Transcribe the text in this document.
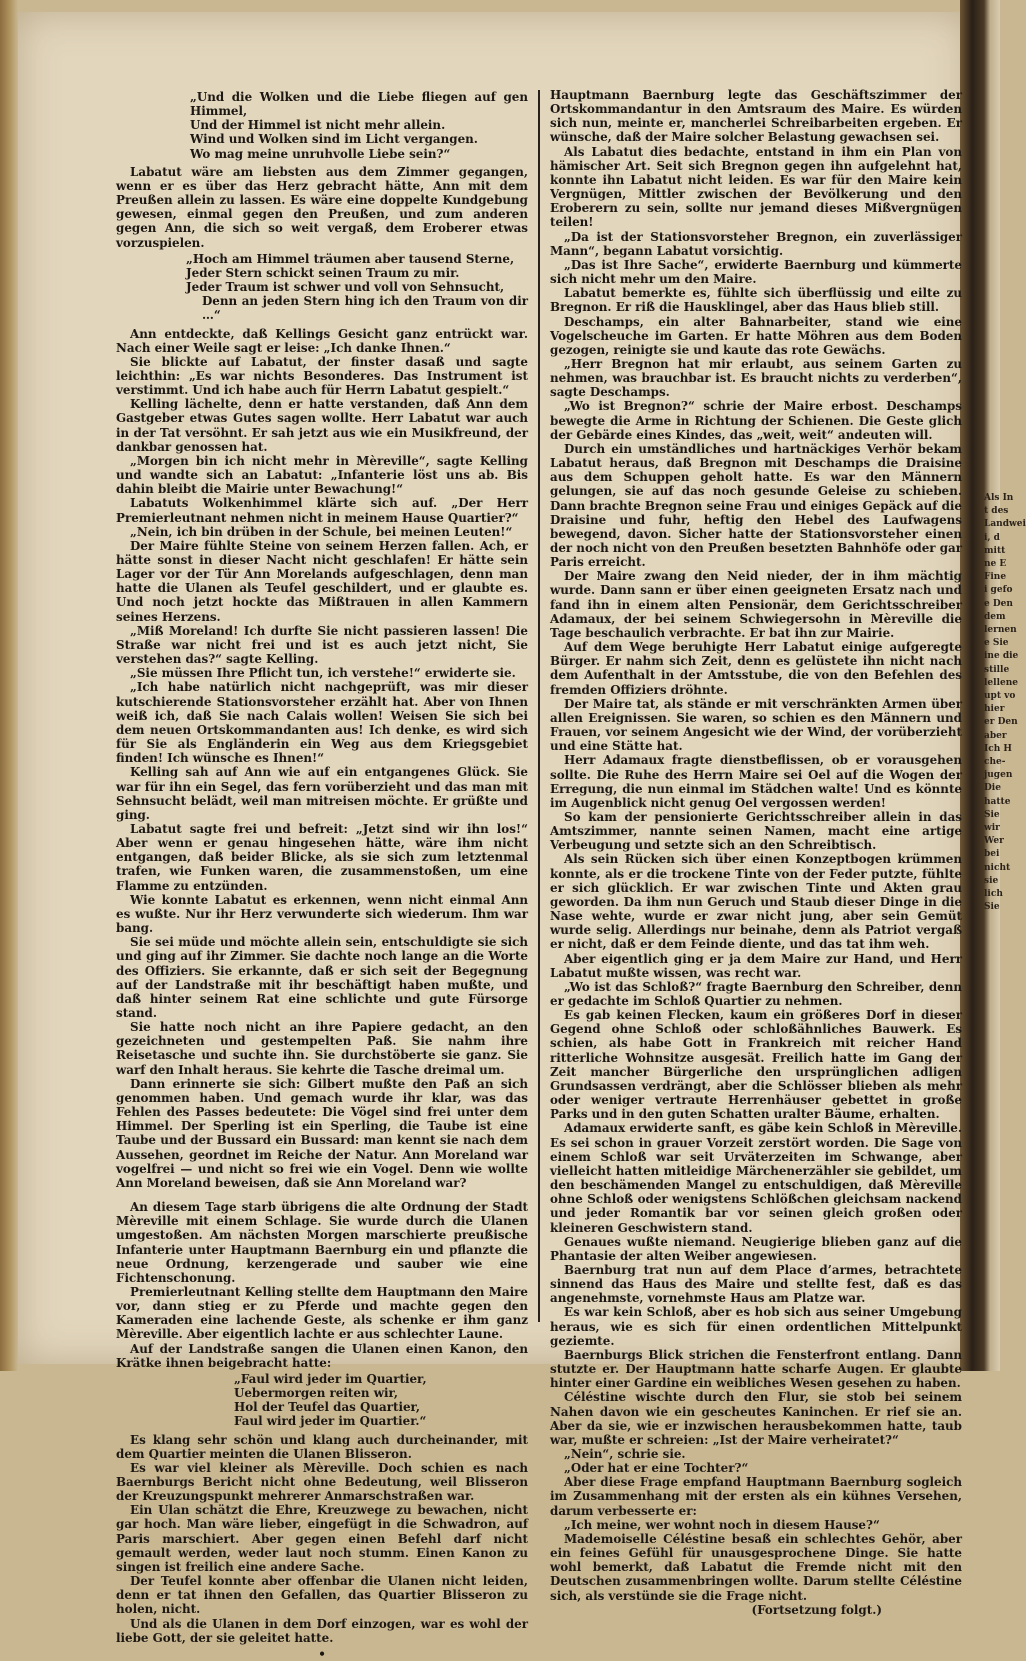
„Und die Wolken und die Liebe fliegen auf gen Himmel,
Und der Himmel ist nicht mehr allein.
Wind und Wolken sind im Licht vergangen.
Wo mag meine unruhvolle Liebe sein?“

Labatut wäre am liebsten aus dem Zimmer gegangen, wenn er es über das Herz gebracht hätte, Ann mit dem Preußen allein zu lassen. Es wäre eine doppelte Kundgebung gewesen, einmal gegen den Preußen, und zum anderen gegen Ann, die sich so weit vergaß, dem Eroberer etwas vorzuspielen.

„Hoch am Himmel träumen aber tausend Sterne,
Jeder Stern schickt seinen Traum zu mir.
Jeder Traum ist schwer und voll von Sehnsucht,
Denn an jeden Stern hing ich den Traum von dir …“

Ann entdeckte, daß Kellings Gesicht ganz entrückt war. Nach einer Weile sagt er leise: „Ich danke Ihnen.“

Sie blickte auf Labatut, der finster dasaß und sagte leichthin: „Es war nichts Besonderes. Das Instrument ist verstimmt. Und ich habe auch für Herrn Labatut gespielt.“

Kelling lächelte, denn er hatte verstanden, daß Ann dem Gastgeber etwas Gutes sagen wollte. Herr Labatut war auch in der Tat versöhnt. Er sah jetzt aus wie ein Musikfreund, der dankbar genossen hat.

„Morgen bin ich nicht mehr in Mèreville“, sagte Kelling und wandte sich an Labatut: „Infanterie löst uns ab. Bis dahin bleibt die Mairie unter Bewachung!“

Labatuts Wolkenhimmel klärte sich auf. „Der Herr Premierleutnant nehmen nicht in meinem Hause Quartier?“

„Nein, ich bin drüben in der Schule, bei meinen Leuten!“

Der Maire fühlte Steine von seinem Herzen fallen. Ach, er hätte sonst in dieser Nacht nicht geschlafen! Er hätte sein Lager vor der Tür Ann Morelands aufgeschlagen, denn man hatte die Ulanen als Teufel geschildert, und er glaubte es. Und noch jetzt hockte das Mißtrauen in allen Kammern seines Herzens.

„Miß Moreland! Ich durfte Sie nicht passieren lassen! Die Straße war nicht frei und ist es auch jetzt nicht, Sie verstehen das?“ sagte Kelling.

„Sie müssen Ihre Pflicht tun, ich verstehe!“ erwiderte sie.

„Ich habe natürlich nicht nachgeprüft, was mir dieser kutschierende Stationsvorsteher erzählt hat. Aber von Ihnen weiß ich, daß Sie nach Calais wollen! Weisen Sie sich bei dem neuen Ortskommandanten aus! Ich denke, es wird sich für Sie als Engländerin ein Weg aus dem Kriegsgebiet finden! Ich wünsche es Ihnen!“

Kelling sah auf Ann wie auf ein entgangenes Glück. Sie war für ihn ein Segel, das fern vorüberzieht und das man mit Sehnsucht belädt, weil man mitreisen möchte. Er grüßte und ging.

Labatut sagte frei und befreit: „Jetzt sind wir ihn los!“ Aber wenn er genau hingesehen hätte, wäre ihm nicht entgangen, daß beider Blicke, als sie sich zum letztenmal trafen, wie Funken waren, die zusammenstoßen, um eine Flamme zu entzünden.

Wie konnte Labatut es erkennen, wenn nicht einmal Ann es wußte. Nur ihr Herz verwunderte sich wiederum. Ihm war bang.

Sie sei müde und möchte allein sein, entschuldigte sie sich und ging auf ihr Zimmer. Sie dachte noch lange an die Worte des Offiziers. Sie erkannte, daß er sich seit der Begegnung auf der Landstraße mit ihr beschäftigt haben mußte, und daß hinter seinem Rat eine schlichte und gute Fürsorge stand.

Sie hatte noch nicht an ihre Papiere gedacht, an den gezeichneten und gestempelten Paß. Sie nahm ihre Reisetasche und suchte ihn. Sie durchstöberte sie ganz. Sie warf den Inhalt heraus. Sie kehrte die Tasche dreimal um.

Dann erinnerte sie sich: Gilbert mußte den Paß an sich genommen haben. Und gemach wurde ihr klar, was das Fehlen des Passes bedeutete: Die Vögel sind frei unter dem Himmel. Der Sperling ist ein Sperling, die Taube ist eine Taube und der Bussard ein Bussard: man kennt sie nach dem Aussehen, geordnet im Reiche der Natur. Ann Moreland war vogelfrei — und nicht so frei wie ein Vogel. Denn wie wollte Ann Moreland beweisen, daß sie Ann Moreland war?

An diesem Tage starb übrigens die alte Ordnung der Stadt Mèreville mit einem Schlage. Sie wurde durch die Ulanen umgestoßen. Am nächsten Morgen marschierte preußische Infanterie unter Hauptmann Baernburg ein und pflanzte die neue Ordnung, kerzengerade und sauber wie eine Fichtenschonung.

Premierleutnant Kelling stellte dem Hauptmann den Maire vor, dann stieg er zu Pferde und machte gegen den Kameraden eine lachende Geste, als schenke er ihm ganz Mèreville. Aber eigentlich lachte er aus schlechter Laune.

Auf der Landstraße sangen die Ulanen einen Kanon, den Krätke ihnen beigebracht hatte:

„Faul wird jeder im Quartier,
Uebermorgen reiten wir,
Hol der Teufel das Quartier,
Faul wird jeder im Quartier.“

Es klang sehr schön und klang auch durcheinander, mit dem Quartier meinten die Ulanen Blisseron.

Es war viel kleiner als Mèreville. Doch schien es nach Baernburgs Bericht nicht ohne Bedeutung, weil Blisseron der Kreuzungspunkt mehrerer Anmarschstraßen war.

Ein Ulan schätzt die Ehre, Kreuzwege zu bewachen, nicht gar hoch. Man wäre lieber, eingefügt in die Schwadron, auf Paris marschiert. Aber gegen einen Befehl darf nicht gemault werden, weder laut noch stumm. Einen Kanon zu singen ist freilich eine andere Sache.

Der Teufel konnte aber offenbar die Ulanen nicht leiden, denn er tat ihnen den Gefallen, das Quartier Blisseron zu holen, nicht.

Und als die Ulanen in dem Dorf einzogen, war es wohl der liebe Gott, der sie geleitet hatte.

•

Hauptmann Baernburg legte das Geschäftszimmer der Ortskommandantur in den Amtsraum des Maire. Es würden sich nun, meinte er, mancherlei Schreibarbeiten ergeben. Er wünsche, daß der Maire solcher Belastung gewachsen sei.

Als Labatut dies bedachte, entstand in ihm ein Plan von hämischer Art. Seit sich Bregnon gegen ihn aufgelehnt hat, konnte ihn Labatut nicht leiden. Es war für den Maire kein Vergnügen, Mittler zwischen der Bevölkerung und den Eroberern zu sein, sollte nur jemand dieses Mißvergnügen teilen!

„Da ist der Stationsvorsteher Bregnon, ein zuverlässiger Mann“, begann Labatut vorsichtig.

„Das ist Ihre Sache“, erwiderte Baernburg und kümmerte sich nicht mehr um den Maire.

Labatut bemerkte es, fühlte sich überflüssig und eilte zu Bregnon. Er riß die Hausklingel, aber das Haus blieb still.

Deschamps, ein alter Bahnarbeiter, stand wie eine Vogelscheuche im Garten. Er hatte Möhren aus dem Boden gezogen, reinigte sie und kaute das rote Gewächs.

„Herr Bregnon hat mir erlaubt, aus seinem Garten zu nehmen, was brauchbar ist. Es braucht nichts zu verderben“, sagte Deschamps.

„Wo ist Bregnon?“ schrie der Maire erbost. Deschamps bewegte die Arme in Richtung der Schienen. Die Geste glich der Gebärde eines Kindes, das „weit, weit“ andeuten will.

Durch ein umständliches und hartnäckiges Verhör bekam Labatut heraus, daß Bregnon mit Deschamps die Draisine aus dem Schuppen geholt hatte. Es war den Männern gelungen, sie auf das noch gesunde Geleise zu schieben. Dann brachte Bregnon seine Frau und einiges Gepäck auf die Draisine und fuhr, heftig den Hebel des Laufwagens bewegend, davon. Sicher hatte der Stationsvorsteher einen der noch nicht von den Preußen besetzten Bahnhöfe oder gar Paris erreicht.

Der Maire zwang den Neid nieder, der in ihm mächtig wurde. Dann sann er über einen geeigneten Ersatz nach und fand ihn in einem alten Pensionär, dem Gerichtsschreiber Adamaux, der bei seinem Schwiegersohn in Mèreville die Tage beschaulich verbrachte. Er bat ihn zur Mairie.

Auf dem Wege beruhigte Herr Labatut einige aufgeregte Bürger. Er nahm sich Zeit, denn es gelüstete ihn nicht nach dem Aufenthalt in der Amtsstube, die von den Befehlen des fremden Offiziers dröhnte.

Der Maire tat, als stände er mit verschränkten Armen über allen Ereignissen. Sie waren, so schien es den Männern und Frauen, vor seinem Angesicht wie der Wind, der vorüberzieht und eine Stätte hat.

Herr Adamaux fragte dienstbeflissen, ob er vorausgehen sollte. Die Ruhe des Herrn Maire sei Oel auf die Wogen der Erregung, die nun einmal im Städchen walte! Und es könnte im Augenblick nicht genug Oel vergossen werden!

So kam der pensionierte Gerichtsschreiber allein in das Amtszimmer, nannte seinen Namen, macht eine artige Verbeugung und setzte sich an den Schreibtisch.

Als sein Rücken sich über einen Konzeptbogen krümmen konnte, als er die trockene Tinte von der Feder putzte, fühlte er sich glücklich. Er war zwischen Tinte und Akten grau geworden. Da ihm nun Geruch und Staub dieser Dinge in die Nase wehte, wurde er zwar nicht jung, aber sein Gemüt wurde selig. Allerdings nur beinahe, denn als Patriot vergaß er nicht, daß er dem Feinde diente, und das tat ihm weh.

Aber eigentlich ging er ja dem Maire zur Hand, und Herr Labatut mußte wissen, was recht war.

„Wo ist das Schloß?“ fragte Baernburg den Schreiber, denn er gedachte im Schloß Quartier zu nehmen.

Es gab keinen Flecken, kaum ein größeres Dorf in dieser Gegend ohne Schloß oder schloßähnliches Bauwerk. Es schien, als habe Gott in Frankreich mit reicher Hand ritterliche Wohnsitze ausgesät. Freilich hatte im Gang der Zeit mancher Bürgerliche den ursprünglichen adligen Grundsassen verdrängt, aber die Schlösser blieben als mehr oder weniger vertraute Herrenhäuser gebettet in große Parks und in den guten Schatten uralter Bäume, erhalten.

Adamaux erwiderte sanft, es gäbe kein Schloß in Mèreville. Es sei schon in grauer Vorzeit zerstört worden. Die Sage von einem Schloß war seit Urväterzeiten im Schwange, aber vielleicht hatten mitleidige Märchenerzähler sie gebildet, um den beschämenden Mangel zu entschuldigen, daß Mèreville ohne Schloß oder wenigstens Schlößchen gleichsam nackend und jeder Romantik bar vor seinen gleich großen oder kleineren Geschwistern stand.

Genaues wußte niemand. Neugierige blieben ganz auf die Phantasie der alten Weiber angewiesen.

Baernburg trat nun auf dem Place d’armes, betrachtete sinnend das Haus des Maire und stellte fest, daß es das angenehmste, vornehmste Haus am Platze war.

Es war kein Schloß, aber es hob sich aus seiner Umgebung heraus, wie es sich für einen ordentlichen Mittelpunkt geziemte.

Baernburgs Blick strichen die Fensterfront entlang. Dann stutzte er. Der Hauptmann hatte scharfe Augen. Er glaubte hinter einer Gardine ein weibliches Wesen gesehen zu haben.

Céléstine wischte durch den Flur, sie stob bei seinem Nahen davon wie ein gescheutes Kaninchen. Er rief sie an. Aber da sie, wie er inzwischen herausbekommen hatte, taub war, mußte er schreien: „Ist der Maire verheiratet?“

„Nein“, schrie sie.

„Oder hat er eine Tochter?“

Aber diese Frage empfand Hauptmann Baernburg sogleich im Zusammenhang mit der ersten als ein kühnes Versehen, darum verbesserte er:

„Ich meine, wer wohnt noch in diesem Hause?“

Mademoiselle Céléstine besaß ein schlechtes Gehör, aber ein feines Gefühl für unausgesprochene Dinge. Sie hatte wohl bemerkt, daß Labatut die Fremde nicht mit den Deutschen zusammenbringen wollte. Darum stellte Céléstine sich, als verstünde sie die Frage nicht.

(Fortsetzung folgt.)
Als In
t des
Landwei
i, d
mitt
ne E
Fine
i gefo
e Den
dem
lernen
e Sie
ine die
stille
lellene
upt vo
hier
er Den
aber
Ich H
che-
jugen
Die
hatte
Sie
wir
Wer
bei
nicht
sie
lich
Sie
